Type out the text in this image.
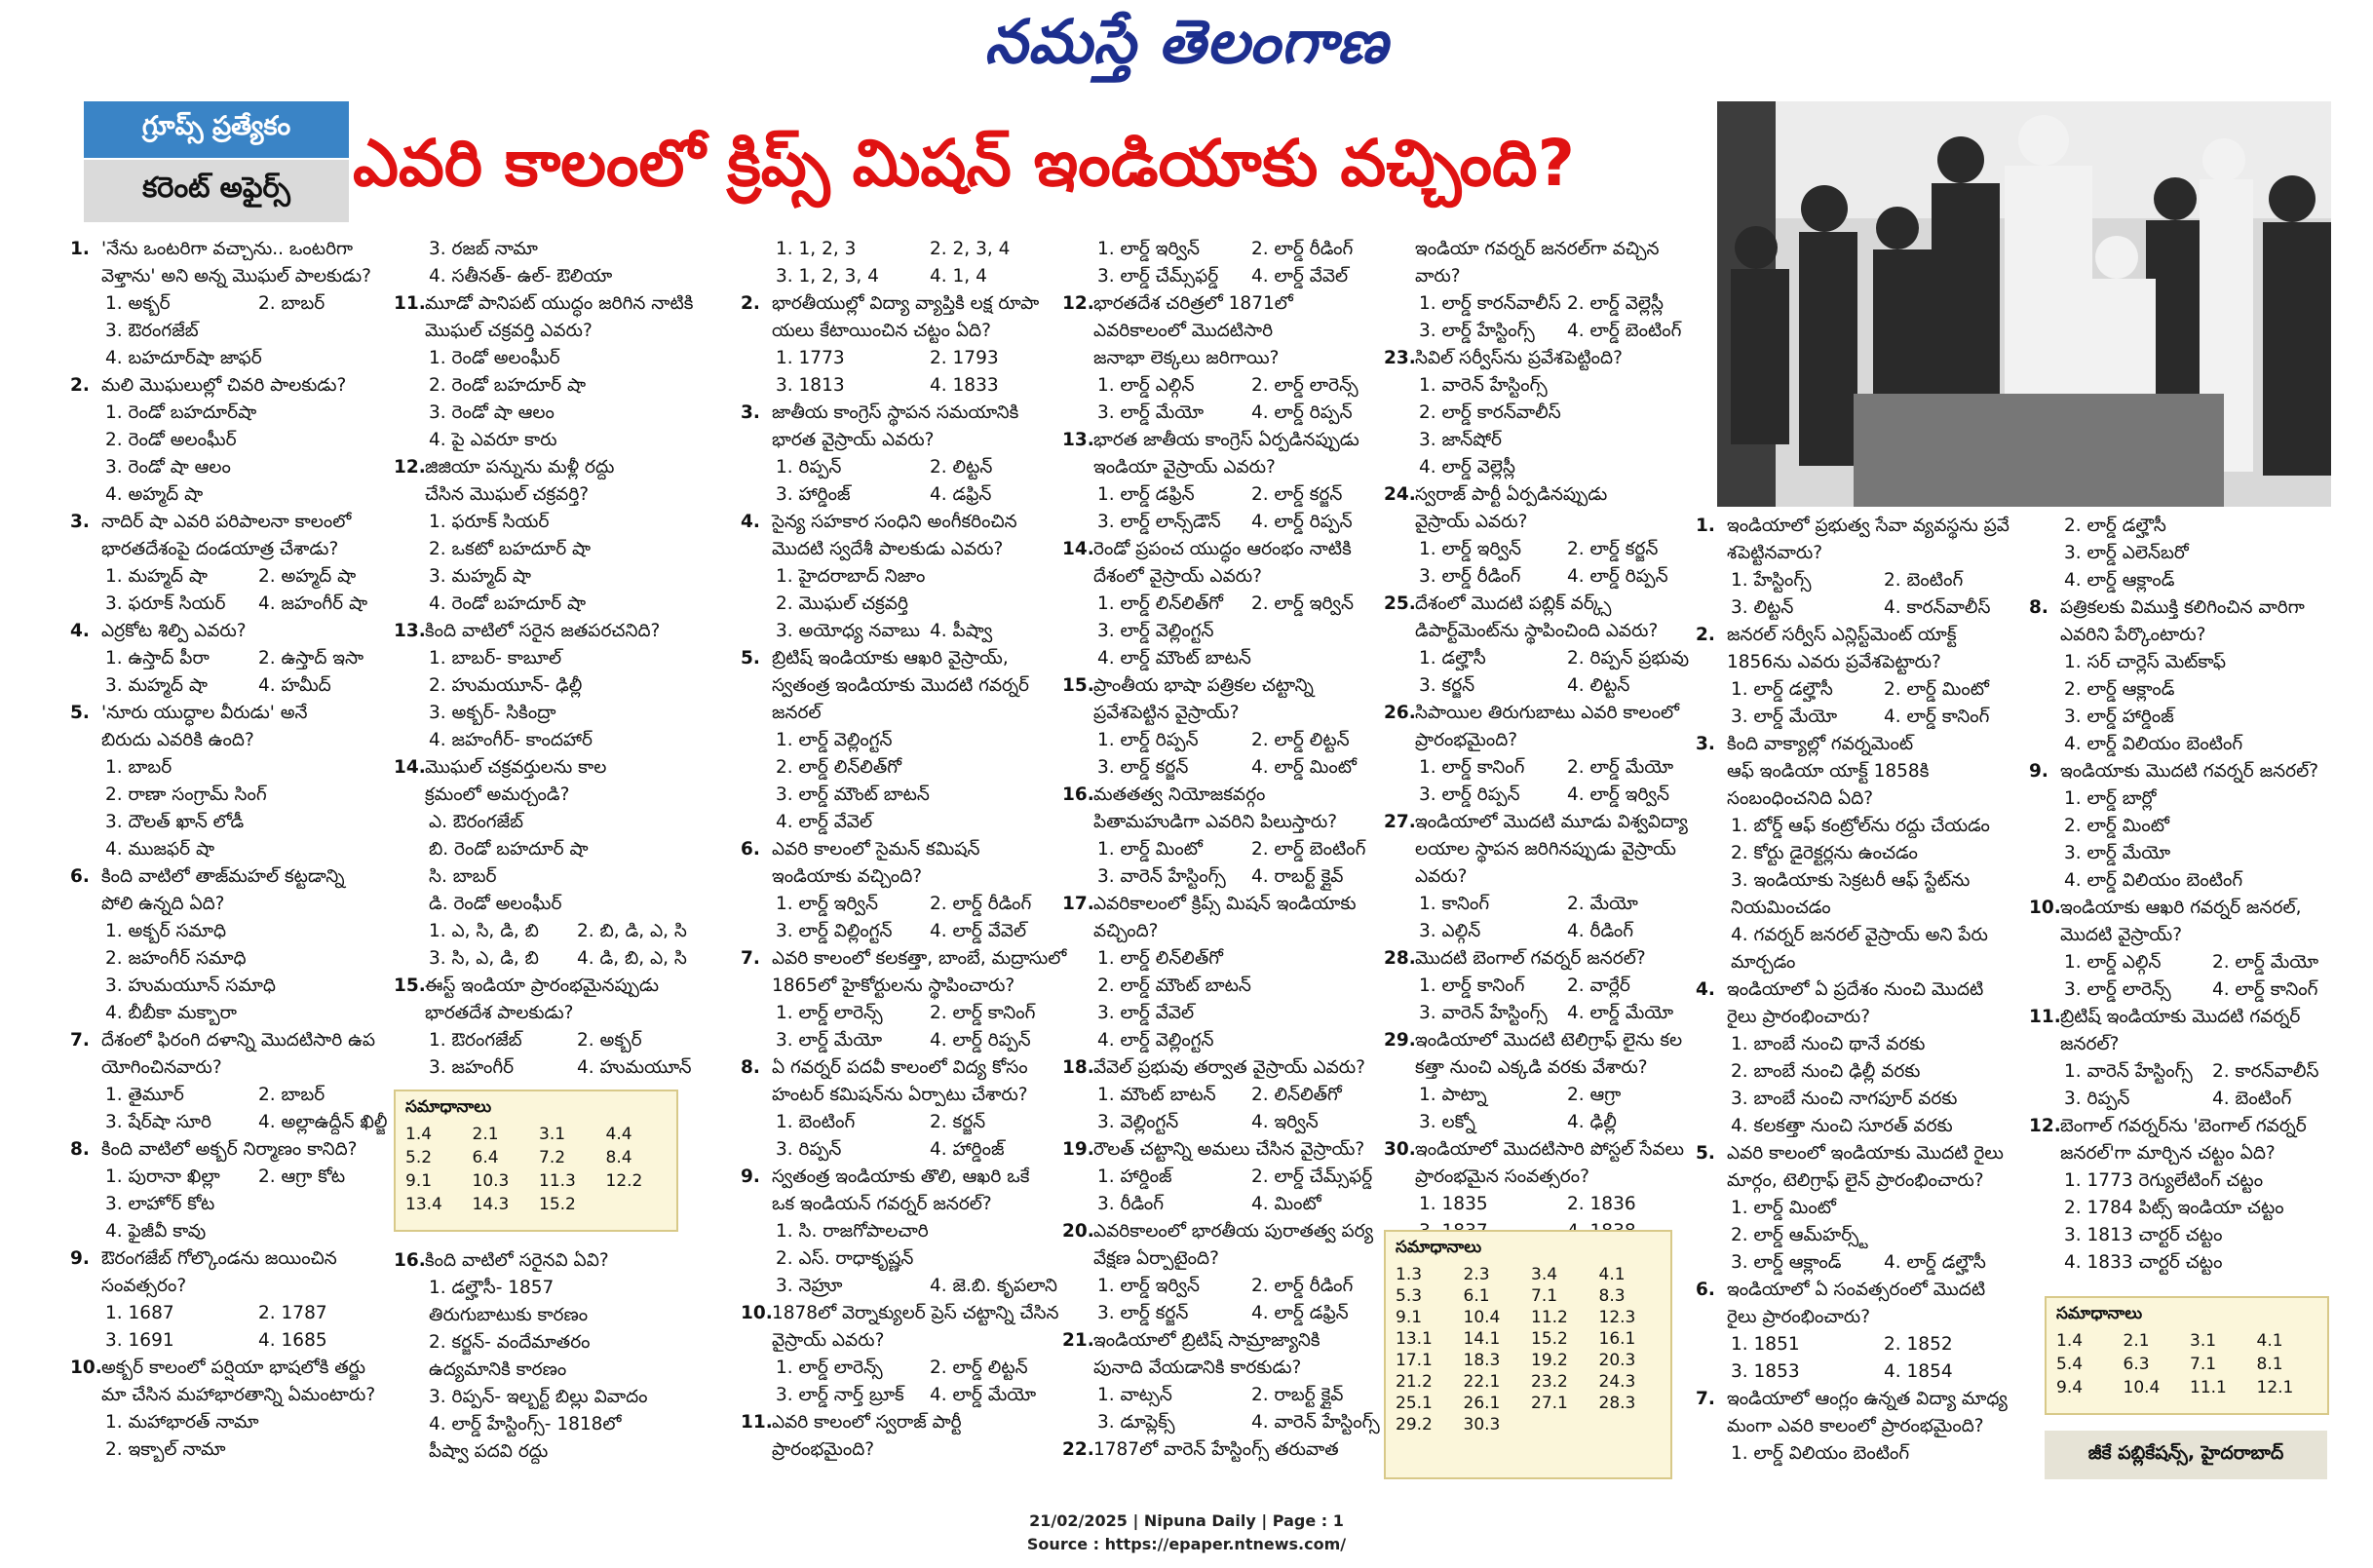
నమస్తే తెలంగాణ
గ్రూప్స్ ప్రత్యేకం
కరెంట్ అఫైర్స్ ఎవరి కాలంలో క్రిప్స్ మిషన్ ఇండియాకు వచ్చింది?
1. 'నేను ఒంటరిగా వచ్చాను.. ఒంటరిగా
వెళ్తాను' అని అన్న మొఘల్ పాలకుడు?
1. అక్బర్	2. బాబర్
3. ఔరంగజేబ్
4. బహదూర్‌షా జాఫర్
2. మలి మొఘలుల్లో చివరి పాలకుడు?
1. రెండో బహదూర్‌షా
2. రెండో అలంఘీర్
3. రెండో షా ఆలం
4. అహ్మద్ షా
3. నాదిర్ షా ఎవరి పరిపాలనా కాలంలో
భారతదేశంపై దండయాత్ర చేశాడు?
1. మహ్మద్ షా	2. అహ్మద్ షా
3. ఫరూక్ సియర్	4. జహంగీర్ షా
4. ఎర్రకోట శిల్పి ఎవరు?
1. ఉస్తాద్ పీరా	2. ఉస్తాద్ ఇసా
3. మహ్మద్ షా	4. హమీద్
5. 'నూరు యుద్ధాల వీరుడు' అనే
బిరుదు ఎవరికి ఉంది?
1. బాబర్
2. రాణా సంగ్రామ్ సింగ్
3. దౌలత్ ఖాన్ లోడీ
4. ముజఫర్ షా
6. కింది వాటిలో తాజ్‌మహల్ కట్టడాన్ని
పోలి ఉన్నది ఏది?
1. అక్బర్ సమాధి
2. జహంగీర్ సమాధి
3. హుమయూన్ సమాధి
4. బీబీకా మక్బారా
7. దేశంలో ఫిరంగి దళాన్ని మొదటిసారి ఉప
యోగించినవారు?
1. తైమూర్	2. బాబర్
3. షేర్‌షా సూరి	4. అల్లాఉద్దీన్ ఖిల్జీ
8. కింది వాటిలో అక్బర్ నిర్మాణం కానిది?
1. పురానా ఖిల్లా	2. ఆగ్రా కోట
3. లాహోర్ కోట
4. ఫైజీవీ కావు
9. ఔరంగజేబ్ గోల్కొండను జయించిన
సంవత్సరం?
1. 1687	2. 1787
3. 1691	4. 1685
10.అక్బర్ కాలంలో పర్షియా భాషలోకి తర్జు
మా చేసిన మహాభారతాన్ని ఏమంటారు?
1. మహాభారత్ నామా
2. ఇక్బాల్ నామా
3. రజబ్ నామా
4. సతీనత్- ఉల్- ఔలియా
11.మూడో పానిపట్ యుద్ధం జరిగిన నాటికి
మొఘల్ చక్రవర్తి ఎవరు?
1. రెండో అలంఘీర్
2. రెండో బహదూర్ షా
3. రెండో షా ఆలం
4. పై ఎవరూ కారు
12.జిజియా పన్నును మళ్లీ రద్దు
చేసిన మొఘల్ చక్రవర్తి?
1. ఫరూక్ సియర్
2. ఒకటో బహదూర్ షా
3. మహ్మద్ షా
4. రెండో బహదూర్ షా
13.కింది వాటిలో సరైన జతపరచనిది?
1. బాబర్- కాబూల్
2. హుమయూన్- ఢిల్లీ
3. అక్బర్- సికింద్రా
4. జహంగీర్- కాందహార్
14.మొఘల్ చక్రవర్తులను కాల
క్రమంలో అమర్చండి?
ఎ. ఔరంగజేబ్
బి. రెండో బహదూర్ షా
సి. బాబర్
డి. రెండో అలంఘీర్
1. ఎ, సి, డి, బి	2. బి, డి, ఎ, సి
3. సి, ఎ, డి, బి	4. డి, బి, ఎ, సి
15.ఈస్ట్ ఇండియా ప్రారంభమైనప్పుడు
భారతదేశ పాలకుడు?
1. ఔరంగజేబ్	2. అక్బర్
3. జహంగీర్	4. హుమయూన్
సమాధానాలు
1.4	2.1	3.1	4.4
5.2	6.4	7.2	8.4
9.1	10.3	11.3	12.2
13.4	14.3	15.2
16.కింది వాటిలో సరైనవి ఏవి?
1. డల్హౌసీ- 1857
తిరుగుబాటుకు కారణం
2. కర్జన్- వందేమాతరం
ఉద్యమానికి కారణం
3. రిప్పన్- ఇల్బర్ట్ బిల్లు వివాదం
4. లార్డ్ హేస్టింగ్స్- 1818లో
పీష్వా పదవి రద్దు
1. 1, 2, 3	2. 2, 3, 4
3. 1, 2, 3, 4	4. 1, 4
2. భారతీయుల్లో విద్యా వ్యాప్తికి లక్ష రూపా
యలు కేటాయించిన చట్టం ఏది?
1. 1773	2. 1793
3. 1813	4. 1833
3. జాతీయ కాంగ్రెస్ స్థాపన సమయానికి
భారత వైస్రాయ్ ఎవరు?
1. రిప్పన్	2. లిట్టన్
3. హార్డింజ్	4. డఫ్రిన్
4. సైన్య సహకార సంధిని అంగీకరించిన
మొదటి స్వదేశీ పాలకుడు ఎవరు?
1. హైదరాబాద్ నిజాం
2. మొఘల్ చక్రవర్తి
3. అయోధ్య నవాబు 4. పీష్వా
5. బ్రిటిష్ ఇండియాకు ఆఖరి వైస్రాయ్,
స్వతంత్ర ఇండియాకు మొదటి గవర్నర్
జనరల్
1. లార్డ్ వెల్లింగ్టన్
2. లార్డ్ లిన్‌లిత్‌గో
3. లార్డ్ మౌంట్ బాటన్
4. లార్డ్ వేవెల్
6. ఎవరి కాలంలో సైమన్ కమిషన్
ఇండియాకు వచ్చింది?
1. లార్డ్ ఇర్విన్	2. లార్డ్ రీడింగ్
3. లార్డ్ విల్లింగ్టన్	4. లార్డ్ వేవెల్
7. ఎవరి కాలంలో కలకత్తా, బాంబే, మద్రాసులో
1865లో హైకోర్టులను స్థాపించారు?
1. లార్డ్ లారెన్స్	2. లార్డ్ కానింగ్
3. లార్డ్ మేయో	4. లార్డ్ రిప్పన్
8. ఏ గవర్నర్ పదవీ కాలంలో విద్య కోసం
హంటర్ కమిషన్‌ను ఏర్పాటు చేశారు?
1. బెంటింగ్	2. కర్జన్
3. రిప్పన్	4. హార్డింజ్
9. స్వతంత్ర ఇండియాకు తొలి, ఆఖరి ఒకే
ఒక ఇండియన్ గవర్నర్ జనరల్?
1. సి. రాజగోపాలచారి
2. ఎస్. రాధాకృష్ణన్
3. నెహ్రూ	4. జె.బి. కృపలాని
10.1878లో వెర్నాక్యులర్ ప్రెస్ చట్టాన్ని చేసిన
వైస్రాయ్ ఎవరు?
1. లార్డ్ లారెన్స్	2. లార్డ్ లిట్టన్
3. లార్డ్ నార్త్ బ్రూక్	4. లార్డ్ మేయో
11.ఎవరి కాలంలో స్వరాజ్ పార్టీ
ప్రారంభమైంది?
1. లార్డ్ ఇర్విన్	2. లార్డ్ రీడింగ్
3. లార్డ్ చేమ్స్‌ఫర్డ్	4. లార్డ్ వేవెల్
12.భారతదేశ చరిత్రలో 1871లో
ఎవరికాలంలో మొదటిసారి
జనాభా లెక్కలు జరిగాయి?
1. లార్డ్ ఎల్గిన్	2. లార్డ్ లారెన్స్
3. లార్డ్ మేయో	4. లార్డ్ రిప్పన్
13.భారత జాతీయ కాంగ్రెస్ ఏర్పడినప్పుడు
ఇండియా వైస్రాయ్ ఎవరు?
1. లార్డ్ డఫ్రిన్	2. లార్డ్ కర్జన్
3. లార్డ్ లాన్స్‌డౌన్	4. లార్డ్ రిప్పన్
14.రెండో ప్రపంచ యుద్ధం ఆరంభం నాటికి
దేశంలో వైస్రాయ్ ఎవరు?
1. లార్డ్ లిన్‌లిత్‌గో	2. లార్డ్ ఇర్విన్
3. లార్డ్ వెల్లింగ్టన్
4. లార్డ్ మౌంట్ బాటన్
15.ప్రాంతీయ భాషా పత్రికల చట్టాన్ని
ప్రవేశపెట్టిన వైస్రాయ్?
1. లార్డ్ రిప్పన్	2. లార్డ్ లిట్టన్
3. లార్డ్ కర్జన్	4. లార్డ్ మింటో
16.మతతత్వ నియోజకవర్గం
పితామహుడిగా ఎవరిని పిలుస్తారు?
1. లార్డ్ మింటో	2. లార్డ్ బెంటింగ్
3. వారెన్ హేస్టింగ్స్	4. రాబర్ట్ క్లైవ్
17.ఎవరికాలంలో క్రిప్స్ మిషన్ ఇండియాకు
వచ్చింది?
1. లార్డ్ లిన్‌లిత్‌గో
2. లార్డ్ మౌంట్ బాటన్
3. లార్డ్ వేవెల్
4. లార్డ్ వెల్లింగ్టన్
18.వేవెల్ ప్రభువు తర్వాత వైస్రాయ్ ఎవరు?
1. మౌంట్ బాటన్	2. లిన్‌లిత్‌గో
3. వెల్లింగ్టన్	4. ఇర్విన్
19.రౌలత్ చట్టాన్ని అమలు చేసిన వైస్రాయ్?
1. హార్డింజ్	2. లార్డ్ చేమ్స్‌ఫర్డ్
3. రీడింగ్	4. మింటో
20.ఎవరికాలంలో భారతీయ పురాతత్వ పర్య
వేక్షణ ఏర్పాటైంది?
1. లార్డ్ ఇర్విన్	2. లార్డ్ రీడింగ్
3. లార్డ్ కర్జన్	4. లార్డ్ డఫ్రిన్
21.ఇండియాలో బ్రిటిష్ సామ్రాజ్యానికి
పునాది వేయడానికి కారకుడు?
1. వాట్సన్	2. రాబర్ట్ క్లైవ్
3. డూప్లెక్స్	4. వారెన్ హేస్టింగ్స్
22.1787లో వారెన్ హేస్టింగ్స్ తరువాత
ఇండియా గవర్నర్ జనరల్‌గా వచ్చిన
వారు?
1. లార్డ్ కారన్‌వాలీస్ 2. లార్డ్ వెల్లెస్లీ
3. లార్డ్ హేస్టింగ్స్	4. లార్డ్ బెంటింగ్
23.సివిల్ సర్వీస్‌ను ప్రవేశపెట్టింది?
1. వారెన్ హేస్టింగ్స్
2. లార్డ్ కారన్‌వాలీస్
3. జాన్‌షోర్
4. లార్డ్ వెల్లెస్లీ
24.స్వరాజ్ పార్టీ ఏర్పడినప్పుడు
వైస్రాయ్ ఎవరు?
1. లార్డ్ ఇర్విన్	2. లార్డ్ కర్జన్
3. లార్డ్ రీడింగ్	4. లార్డ్ రిప్పన్
25.దేశంలో మొదటి పబ్లిక్ వర్క్స్
డిపార్ట్‌మెంట్‌ను స్థాపించింది ఎవరు?
1. డల్హౌసీ	2. రిప్పన్ ప్రభువు
3. కర్జన్	4. లిట్టన్
26.సిపాయిల తిరుగుబాటు ఎవరి కాలంలో
ప్రారంభమైంది?
1. లార్డ్ కానింగ్	2. లార్డ్ మేయో
3. లార్డ్ రిప్పన్	4. లార్డ్ ఇర్విన్
27.ఇండియాలో మొదటి మూడు విశ్వవిద్యా
లయాల స్థాపన జరిగినప్పుడు వైస్రాయ్
ఎవరు?
1. కానింగ్	2. మేయో
3. ఎల్గిన్	4. రీడింగ్
28.మొదటి బెంగాల్ గవర్నర్ జనరల్?
1. లార్డ్ కానింగ్	2. వార్లేర్
3. వారెన్ హేస్టింగ్స్	4. లార్డ్ మేయో
29.ఇండియాలో మొదటి టెలిగ్రాఫ్ లైను కల
కత్తా నుంచి ఎక్కడి వరకు వేశారు?
1. పాట్నా	2. ఆగ్రా
3. లక్నో	4. ఢిల్లీ
30.ఇండియాలో మొదటిసారి పోస్టల్ సేవలు
ప్రారంభమైన సంవత్సరం?
1. 1835	2. 1836
సమాధానాలు
1.3	2.3	3.4	4.1
5.3	6.1	7.1	8.3
9.1	10.4	11.2	12.3
13.1	14.1	15.2	16.1
17.1	18.3	19.2	20.3
21.2	22.1	23.2	24.3
25.1	26.1	27.1	28.3
29.2	30.3
1. ఇండియాలో ప్రభుత్వ సేవా వ్యవస్థను ప్రవే
శపెట్టినవారు?
1. హేస్టింగ్స్	2. బెంటింగ్
3. లిట్టన్	4. కారన్‌వాలీస్
2. జనరల్ సర్వీస్ ఎన్లిస్ట్‌మెంట్ యాక్ట్
1856ను ఎవరు ప్రవేశపెట్టారు?
1. లార్డ్ డల్హౌసీ	2. లార్డ్ మింటో
3. లార్డ్ మేయో	4. లార్డ్ కానింగ్
3. కింది వాక్యాల్లో గవర్నమెంట్
ఆఫ్ ఇండియా యాక్ట్ 1858కి
సంబంధించనిది ఏది?
1. బోర్డ్ ఆఫ్ కంట్రోల్‌ను రద్దు చేయడం
2. కోర్టు డైరెక్టర్లను ఉంచడం
3. ఇండియాకు సెక్రటరీ ఆఫ్ స్టేట్‌ను
నియమించడం
4. గవర్నర్ జనరల్ వైస్రాయ్ అని పేరు
మార్చడం
4. ఇండియాలో ఏ ప్రదేశం నుంచి మొదటి
రైలు ప్రారంభించారు?
1. బాంబే నుంచి థానే వరకు
2. బాంబే నుంచి ఢిల్లీ వరకు
3. బాంబే నుంచి నాగపూర్ వరకు
4. కలకత్తా నుంచి సూరత్ వరకు
5. ఎవరి కాలంలో ఇండియాకు మొదటి రైలు
మార్గం, టెలిగ్రాఫ్ లైన్ ప్రారంభించారు?
1. లార్డ్ మింటో
2. లార్డ్ ఆమ్‌హర్స్ట్
3. లార్డ్ ఆక్లాండ్	4. లార్డ్ డల్హౌసీ
6. ఇండియాలో ఏ సంవత్సరంలో మొదటి
రైలు ప్రారంభించారు?
1. 1851	2. 1852
3. 1853	4. 1854
7. ఇండియాలో ఆంగ్లం ఉన్నత విద్యా మాధ్య
మంగా ఎవరి కాలంలో ప్రారంభమైంది?
1. లార్డ్ విలియం బెంటింగ్
2. లార్డ్ డల్హౌసీ
3. లార్డ్ ఎలెన్‌బరో
4. లార్డ్ ఆక్లాండ్
8. పత్రికలకు విముక్తి కలిగించిన వారిగా
ఎవరిని పేర్కొంటారు?
1. సర్ చార్లెస్ మెట్‌కాఫ్
2. లార్డ్ ఆక్లాండ్
3. లార్డ్ హార్డింజ్
4. లార్డ్ విలియం బెంటింగ్
9. ఇండియాకు మొదటి గవర్నర్ జనరల్?
1. లార్డ్ బార్లో
2. లార్డ్ మింటో
3. లార్డ్ మేయో
4. లార్డ్ విలియం బెంటింగ్
10.ఇండియాకు ఆఖరి గవర్నర్ జనరల్,
మొదటి వైస్రాయ్?
1. లార్డ్ ఎల్గిన్	2. లార్డ్ మేయో
3. లార్డ్ లారెన్స్	4. లార్డ్ కానింగ్
11.బ్రిటిష్ ఇండియాకు మొదటి గవర్నర్
జనరల్?
1. వారెన్ హేస్టింగ్స్	2. కారన్‌వాలీస్
3. రిప్పన్	4. బెంటింగ్
12.బెంగాల్ గవర్నర్‌ను 'బెంగాల్ గవర్నర్
జనరల్'గా మార్చిన చట్టం ఏది?
1. 1773 రెగ్యులేటింగ్ చట్టం
2. 1784 పిట్స్ ఇండియా చట్టం
3. 1813 చార్టర్ చట్టం
4. 1833 చార్టర్ చట్టం
సమాధానాలు
1.4	2.1	3.1	4.1
5.4	6.3	7.1	8.1
9.4	10.4	11.1	12.1
జీకే పబ్లికేషన్స్, హైదరాబాద్
21/02/2025 | Nipuna Daily | Page : 1
Source : https://epaper.ntnews.com/
